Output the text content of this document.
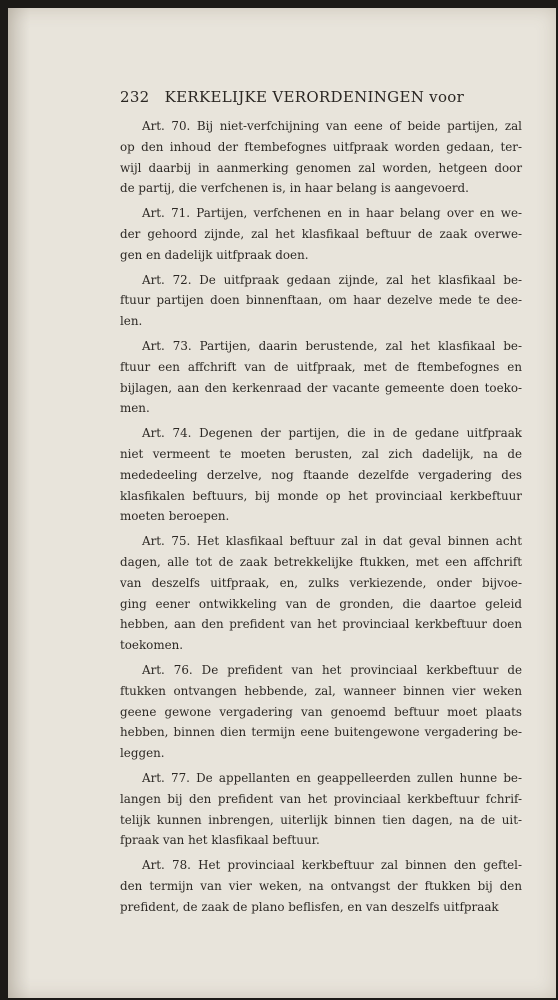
232 KERKELIJKE VERORDENINGEN voor
Art. 70. Bij niet-verfchijning van eene of beide partijen, zal
op den inhoud der ftembefognes uitfpraak worden gedaan, ter-
wijl daarbij in aanmerking genomen zal worden, hetgeen door
de partij, die verfchenen is, in haar belang is aangevoerd.
Art. 71. Partijen, verfchenen en in haar belang over en we-
der gehoord zijnde, zal het klasfikaal beftuur de zaak overwe-
gen en dadelijk uitfpraak doen.
Art. 72. De uitfpraak gedaan zijnde, zal het klasfikaal be-
ftuur partijen doen binnenftaan, om haar dezelve mede te dee-
len.
Art. 73. Partijen, daarin berustende, zal het klasfikaal be-
ftuur een affchrift van de uitfpraak, met de ftembefognes en
bijlagen, aan den kerkenraad der vacante gemeente doen toeko-
men.
Art. 74. Degenen der partijen, die in de gedane uitfpraak
niet vermeent te moeten berusten, zal zich dadelijk, na de
mededeeling derzelve, nog ftaande dezelfde vergadering des
klasfikalen beftuurs, bij monde op het provinciaal kerkbeftuur
moeten beroepen.
Art. 75. Het klasfikaal beftuur zal in dat geval binnen acht
dagen, alle tot de zaak betrekkelijke ftukken, met een affchrift
van deszelfs uitfpraak, en, zulks verkiezende, onder bijvoe-
ging eener ontwikkeling van de gronden, die daartoe geleid
hebben, aan den prefident van het provinciaal kerkbeftuur doen
toekomen.
Art. 76. De prefident van het provinciaal kerkbeftuur de
ftukken ontvangen hebbende, zal, wanneer binnen vier weken
geene gewone vergadering van genoemd beftuur moet plaats
hebben, binnen dien termijn eene buitengewone vergadering be-
leggen.
Art. 77. De appellanten en geappelleerden zullen hunne be-
langen bij den prefident van het provinciaal kerkbeftuur fchrif-
telijk kunnen inbrengen, uiterlijk binnen tien dagen, na de uit-
fpraak van het klasfikaal beftuur.
Art. 78. Het provinciaal kerkbeftuur zal binnen den geftel-
den termijn van vier weken, na ontvangst der ftukken bij den
prefident, de zaak de plano beflisfen, en van deszelfs uitfpraak
